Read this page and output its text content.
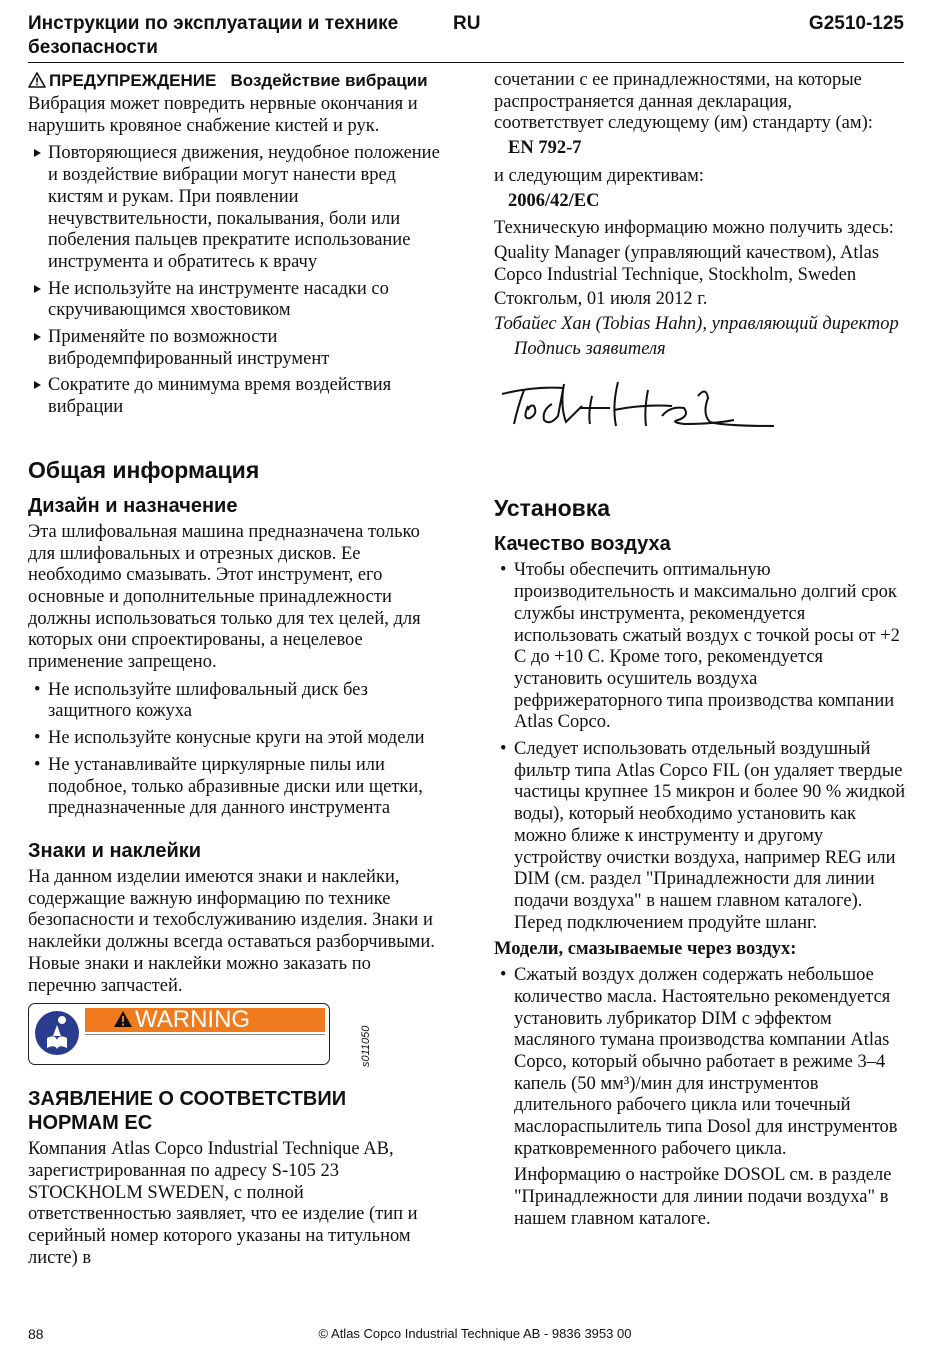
Инструкции по эксплуатации и технике безопасности
RU	G2510-125
ПРЕДУПРЕЖДЕНИЕ Воздействие вибрации

Вибрация может повредить нервные окончания и нарушить кровяное снабжение кистей и рук.

Повторяющиеся движения, неудобное положение и воздействие вибрации могут нанести вред кистям и рукам. При появлении нечувствительности, покалывания, боли или побеления пальцев прекратите использование инструмента и обратитесь к врачу
Не используйте на инструменте насадки со скручивающимся хвостовиком
Применяйте по возможности вибродемпфированный инструмент
Сократите до минимума время воздействия вибрации
Общая информация
Дизайн и назначение

Эта шлифовальная машина предназначена только для шлифовальных и отрезных дисков. Ее необходимо смазывать. Этот инструмент, его основные и дополнительные принадлежности должны использоваться только для тех целей, для которых они спроектированы, а нецелевое применение запрещено.

• Не используйте шлифовальный диск без защитного кожуха
• Не используйте конусные круги на этой модели
• Не устанавливайте циркулярные пилы или подобное, только абразивные диски или щетки, предназначенные для данного инструмента
Знаки и наклейки

На данном изделии имеются знаки и наклейки, содержащие важную информацию по технике безопасности и техобслуживанию изделия. Знаки и наклейки должны всегда оставаться разборчивыми. Новые знаки и наклейки можно заказать по перечню запчастей.

WARNING
s011050
ЗАЯВЛЕНИЕ О СООТВЕТСТВИИ НОРМАМ ЕС

Компания Atlas Copco Industrial Technique AB, зарегистрированная по адресу S-105 23 STOCKHOLM SWEDEN, с полной ответственностью заявляет, что ее изделие (тип и серийный номер которого указаны на титульном листе) в

сочетании с ее принадлежностями, на которые распространяется данная декларация, соответствует следующему (им) стандарту (ам):

EN 792-7

и следующим директивам:

2006/42/EC

Техническую информацию можно получить здесь:

Quality Manager (управляющий качеством), Atlas Copco Industrial Technique, Stockholm, Sweden

Стокгольм, 01 июля 2012 г.

Тобайес Хан (Tobias Hahn), управляющий директор

Подпись заявителя

Установка
Качество воздуха
• Чтобы обеспечить оптимальную производительность и максимально долгий срок службы инструмента, рекомендуется использовать сжатый воздух с точкой росы от +2 C до +10 C. Кроме того, рекомендуется установить осушитель воздуха рефрижераторного типа производства компании Atlas Copco.
• Следует использовать отдельный воздушный фильтр типа Atlas Copco FIL (он удаляет твердые частицы крупнее 15 микрон и более 90 % жидкой воды), который необходимо установить как можно ближе к инструменту и другому устройству очистки воздуха, например REG или DIM (см. раздел "Принадлежности для линии подачи воздуха" в нашем главном каталоге). Перед подключением продуйте шланг.

Модели, смазываемые через воздух:

• Сжатый воздух должен содержать небольшое количество масла. Настоятельно рекомендуется установить лубрикатор DIM с эффектом масляного тумана производства компании Atlas Copco, который обычно работает в режиме 3–4 капель (50 мм³)/мин для инструментов длительного рабочего цикла или точечный маслораспылитель типа Dosol для инструментов кратковременного рабочего цикла.

Информацию о настройке DOSOL см. в разделе "Принадлежности для линии подачи воздуха" в нашем главном каталоге.

88	© Atlas Copco Industrial Technique AB - 9836 3953 00
